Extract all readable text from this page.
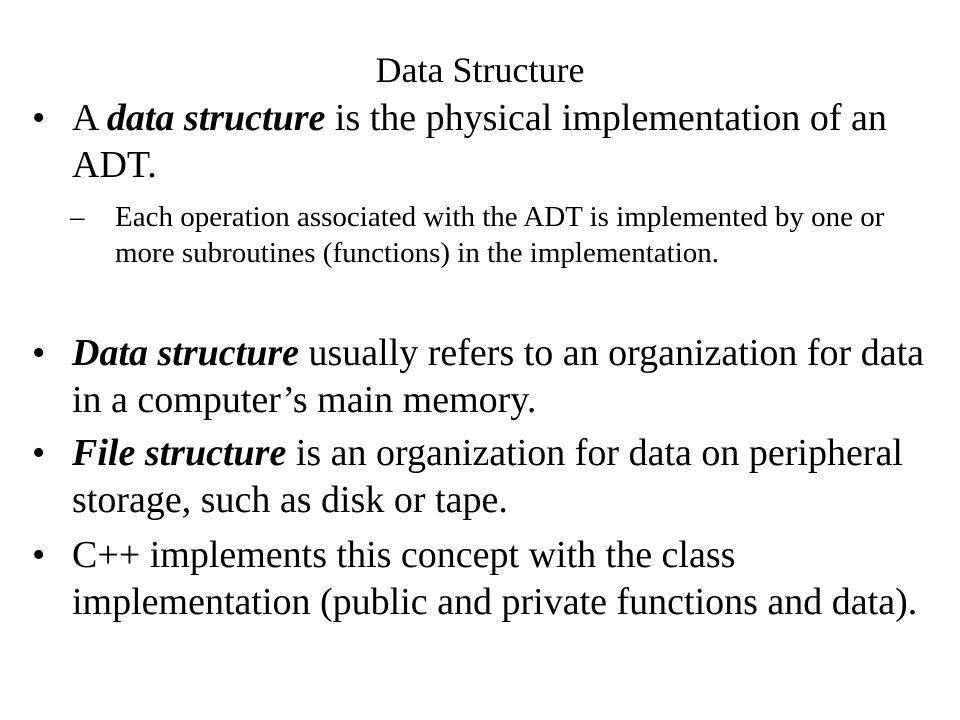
Data Structure
• A data structure is the physical implementation of an ADT.
– Each operation associated with the ADT is implemented by one or more subroutines (functions) in the implementation.
• Data structure usually refers to an organization for data in a computer’s main memory.
• File structure is an organization for data on peripheral storage, such as disk or tape.
• C++ implements this concept with the class implementation (public and private functions and data).
